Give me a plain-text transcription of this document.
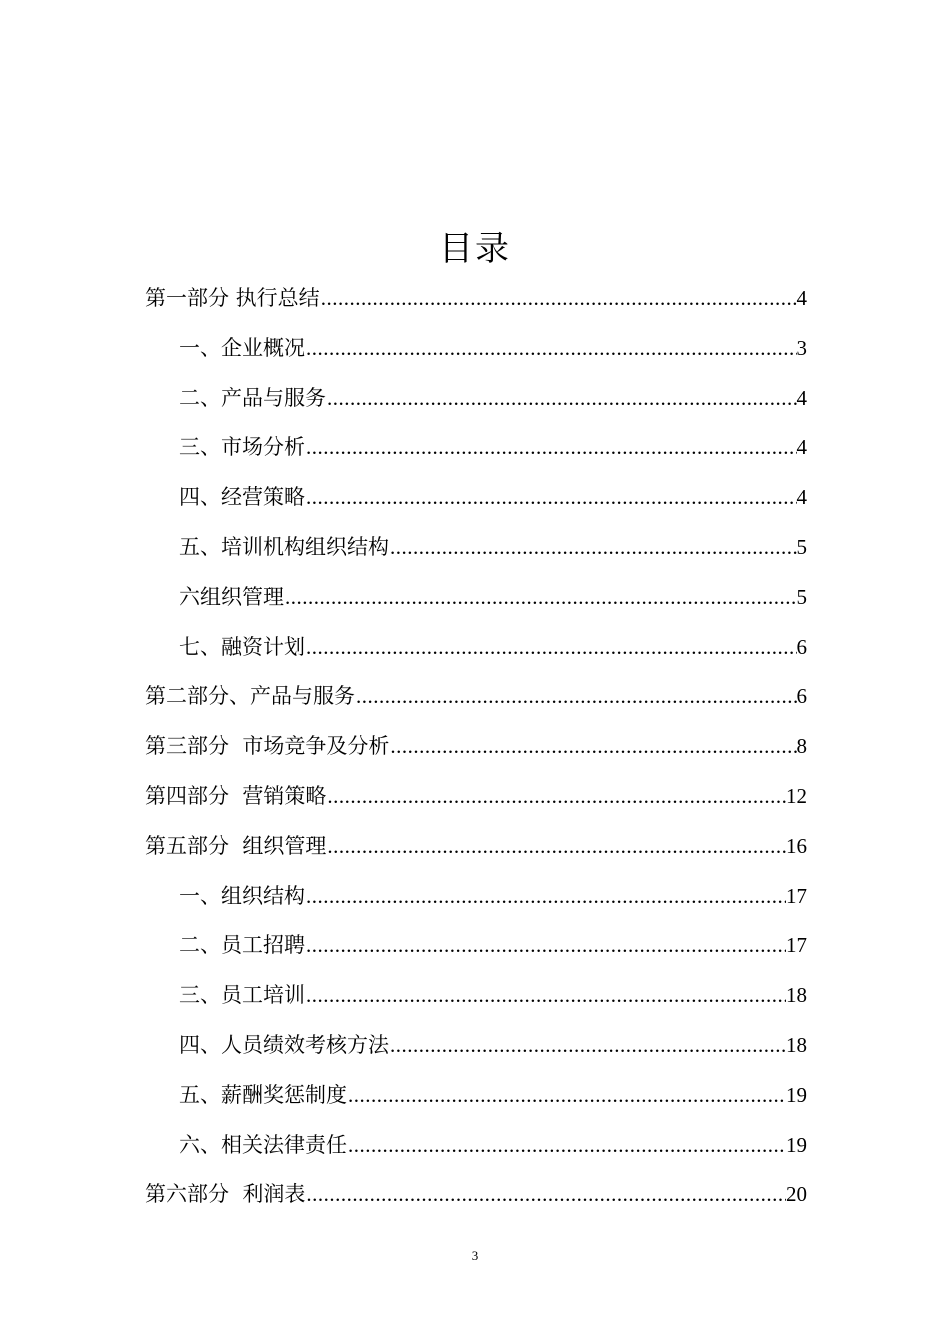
目录
第一部分 执行总结 .....	4
一、企业概况 .....	3
二、产品与服务 .....	4
三、市场分析 .....	4
四、经营策略 .....	4
五、培训机构组织结构 .....	5
六组织管理 .....	5
七、融资计划 .....	6
第二部分、产品与服务 .....	6
第三部分  市场竞争及分析 .....	8
第四部分  营销策略 .....	12
第五部分  组织管理 .....	16
一、组织结构 .....	17
二、员工招聘 .....	17
三、员工培训 .....	18
四、人员绩效考核方法 .....	18
五、薪酬奖惩制度 .....	19
六、相关法律责任 .....	19
第六部分  利润表 .....	20
3
